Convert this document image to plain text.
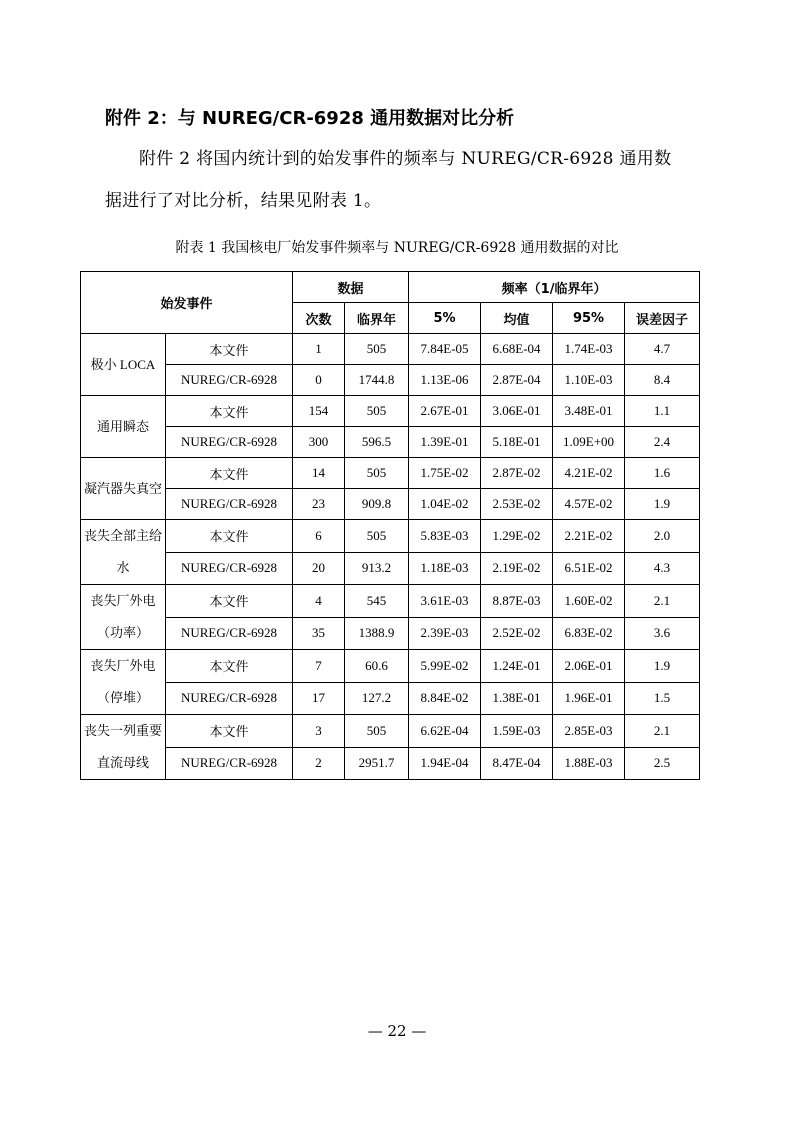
附件 2：与 NUREG/CR-6928 通用数据对比分析
附件 2 将国内统计到的始发事件的频率与 NUREG/CR-6928 通用数
据进行了对比分析，结果见附表 1。
附表 1 我国核电厂始发事件频率与 NUREG/CR-6928 通用数据的对比
始发事件		数据		频率（1/临界年）			
		次数	临界年	5%	均值	95%	误差因子
极小 LOCA	本文件	1	505	7.84E-05	6.68E-04	1.74E-03	4.7
	NUREG/CR-6928	0	1744.8	1.13E-06	2.87E-04	1.10E-03	8.4
通用瞬态	本文件	154	505	2.67E-01	3.06E-01	3.48E-01	1.1
	NUREG/CR-6928	300	596.5	1.39E-01	5.18E-01	1.09E+00	2.4
凝汽器失真空	本文件	14	505	1.75E-02	2.87E-02	4.21E-02	1.6
	NUREG/CR-6928	23	909.8	1.04E-02	2.53E-02	4.57E-02	1.9
丧失全部主给水	本文件	6	505	5.83E-03	1.29E-02	2.21E-02	2.0
	NUREG/CR-6928	20	913.2	1.18E-03	2.19E-02	6.51E-02	4.3
丧失厂外电（功率）	本文件	4	545	3.61E-03	8.87E-03	1.60E-02	2.1
	NUREG/CR-6928	35	1388.9	2.39E-03	2.52E-02	6.83E-02	3.6
丧失厂外电（停堆）	本文件	7	60.6	5.99E-02	1.24E-01	2.06E-01	1.9
	NUREG/CR-6928	17	127.2	8.84E-02	1.38E-01	1.96E-01	1.5
丧失一列重要直流母线	本文件	3	505	6.62E-04	1.59E-03	2.85E-03	2.1
	NUREG/CR-6928	2	2951.7	1.94E-04	8.47E-04	1.88E-03	2.5
— 22 —
